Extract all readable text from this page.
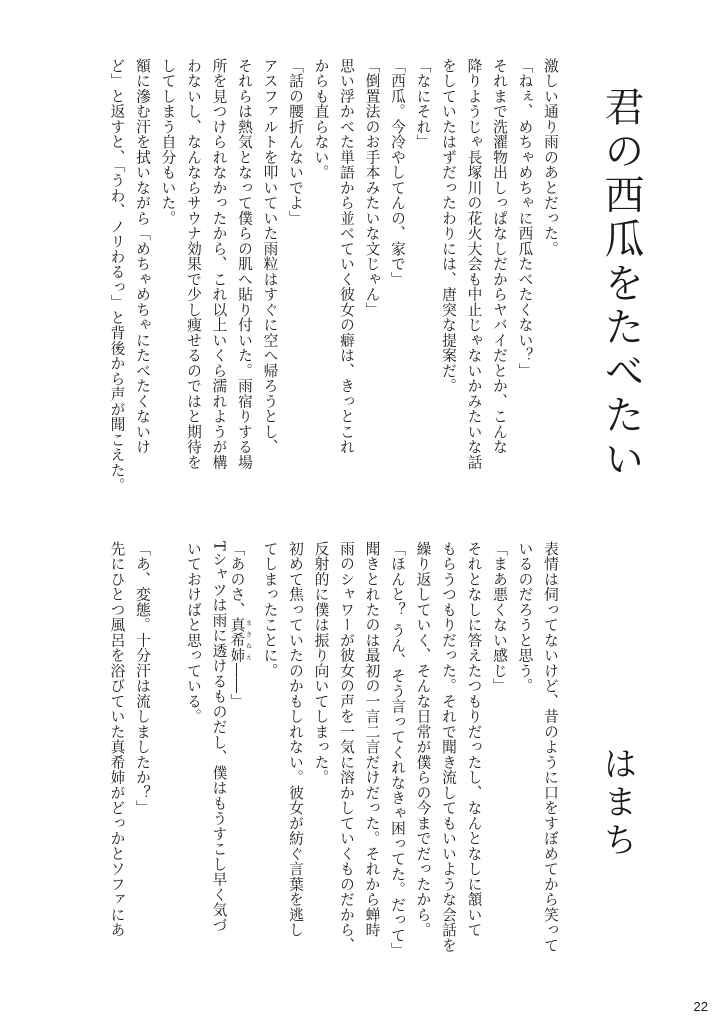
君の西瓜をたべたい
はまち

激しい通り雨のあとだった。

「ねぇ、めちゃめちゃに西瓜たべたくない？」

それまで洗濯物出しっぱなしだからヤバイだとか、こんな

降りようじゃ長塚川の花火大会も中止じゃないかみたいな話

をしていたはずだったわりには、唐突な提案だ。

「なにそれ」

「西瓜。今冷やしてんの、家で」

「倒置法のお手本みたいな文じゃん」

思い浮かべた単語から並べていく彼女の癖は、きっとこれ

からも直らない。

「話の腰折んないでよ」

アスファルトを叩いていた雨粒はすぐに空へ帰ろうとし、

それらは熱気となって僕らの肌へ貼り付いた。雨宿りする場

所を見つけられなかったから、これ以上いくら濡れようが構

わないし、なんならサウナ効果で少し痩せるのではと期待を

してしまう自分もいた。

額に滲む汗を拭いながら「めちゃめちゃにたべたくないけ

ど」と返すと、「うわ、ノリわるっ」と背後から声が聞こえた。

表情は伺ってないけど、昔のように口をすぼめてから笑って

いるのだろうと思う。

「まあ悪くない感じ」

それとなしに答えたつもりだったし、なんとなしに頷いて

もらうつもりだった。それで聞き流してもいいような会話を

繰り返していく、そんな日常が僕らの今までだったから。

「ほんと？ うん、そう言ってくれなきゃ困ってた。だって」

聞きとれたのは最初の一言二言だけだった。それから蝉時

雨のシャワーが彼女の声を一気に溶かしていくものだから、

反射的に僕は振り向いてしまった。

初めて焦っていたのかもしれない。彼女が紡ぐ言葉を逃し

てしまったことに。

「あのさ、真希姉 まきねえ――」

Tシャツは雨に透けるものだし、僕はもうすこし早く気づ

いておけばと思っている。

「あ、変態。十分汗は流しましたか？」

先にひとつ風呂を浴びていた真希姉がどっかとソファにあ

22
